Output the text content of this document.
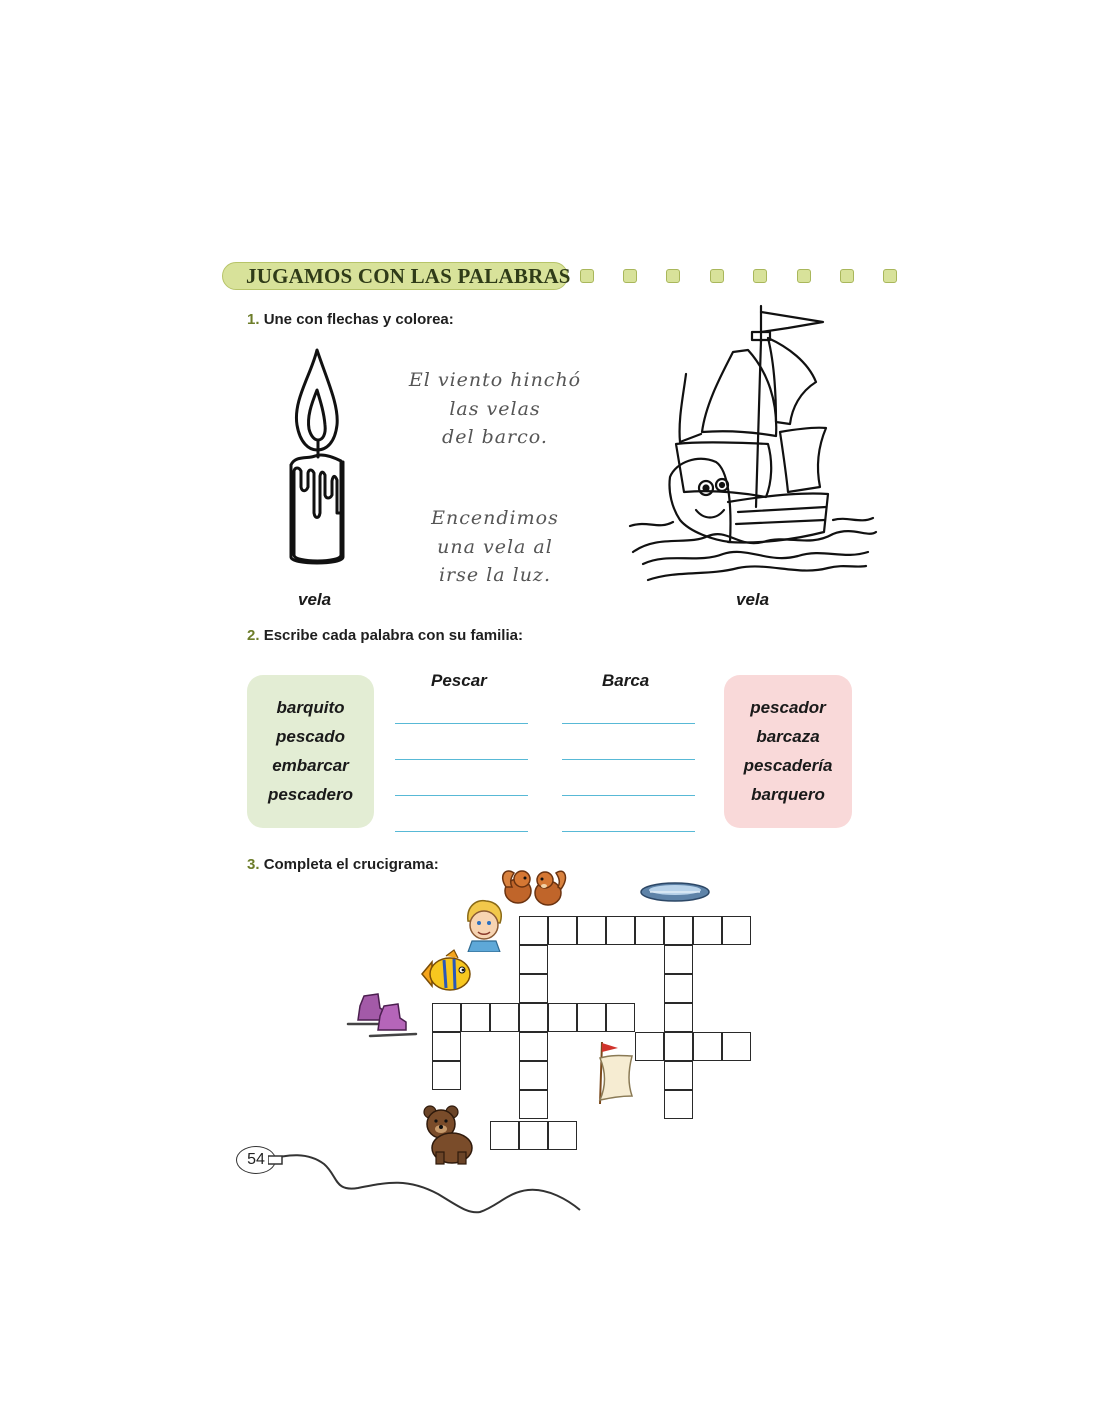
JUGAMOS CON LAS PALABRAS
1. Une con flechas y colorea:
El viento hinchó
las velas
del barco.
Encendimos
una vela al
irse la luz.
vela	vela
2. Escribe cada palabra con su familia:
barquito
pescado
embarcar
pescadero
Pescar	Barca
pescador
barcaza
pescadería
barquero
3. Completa el crucigrama:
54
